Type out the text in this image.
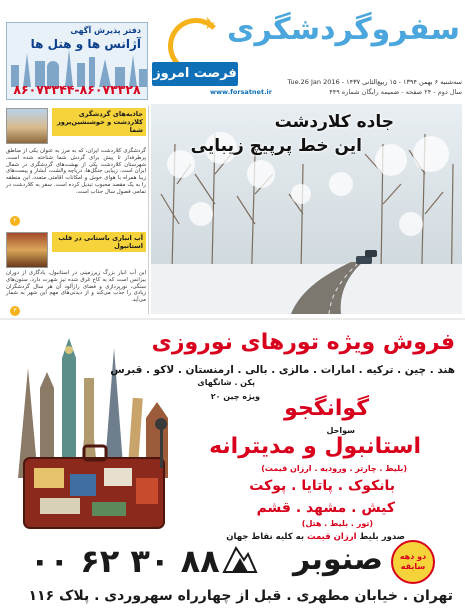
دفتر پذیرش آگهی
آژانس ها و هتل ها
۸۶۰۷۳۳۴۴-۸۶۰۷۳۳۲۸
✈ سفروگردشگری
فرصت امروز
سه‌شنبه ۶ بهمن ۱۳۹۴ - ۱۵ ربیع‌الثانی ۱۴۳۷ - Tue.26 Jan 2016
www.forsatnet.ir	سال دوم - ۲۴ صفحه - ضمیمه رایگان شماره ۴۴۹
جاذبه‌های گردشگری کلاردشت و خوشنشین‌پرور شما
گردشگری کلاردشت ایران، که به مرز به عنوان یکی از مناطق پرطرفدار تا پیش برای گردش شما شناخته شده است، شهرستان کلاردشت یکی از بهشت‌های گردشگری در شمال ایران است. زیبایی جنگل‌ها، دریاچه والشت، آبشار و پیست‌های زیبا همراه با هوای خوش و امکانات اقامتی متعدد، این منطقه را به یک مقصد محبوب تبدیل کرده است. سفر به کلاردشت در تمامی فصول سال جذاب است.
۲
آب انباری باستانی در قلب استانبول
این آب انبار بزرگ زیرزمینی در استانبول، یادگاری از دوران بیزانس است که به کاخ غرق شده نیز شهرت دارد. ستون‌های سنگی، نورپردازی و فضای رازآلود آن هر سال گردشگران زیادی را جذب می‌کند و از دیدنی‌های مهم این شهر به شمار می‌آید.
۳
جاده کلاردشت
این خط پرپیچ زیبایی
فروش ویژه تورهای نوروزی
هند . چین . ترکیه . امارات . مالزی . بالی . ارمنستان . لاکو . قبرس
پکن . شانگهای
ویژه چین ۲۰ گوانگجو
سواحل
استانبول و مدیترانه
(بلیط . چارتر . ورودیه . ارزان قیمت)
بانکوک . پاتایا . پوکت
کیش . مشهد . قشم
(تور . بلیط . هتل)
صدور بلیط ارزان قیمت به کلیه نقاط جهان
۸۸ ۳۰ ۶۲ ۰۰ صنوبر	دو دهه سابقه
تهران . خیابان مطهری . قبل از چهارراه سهروردی . پلاک ۱۱۶
